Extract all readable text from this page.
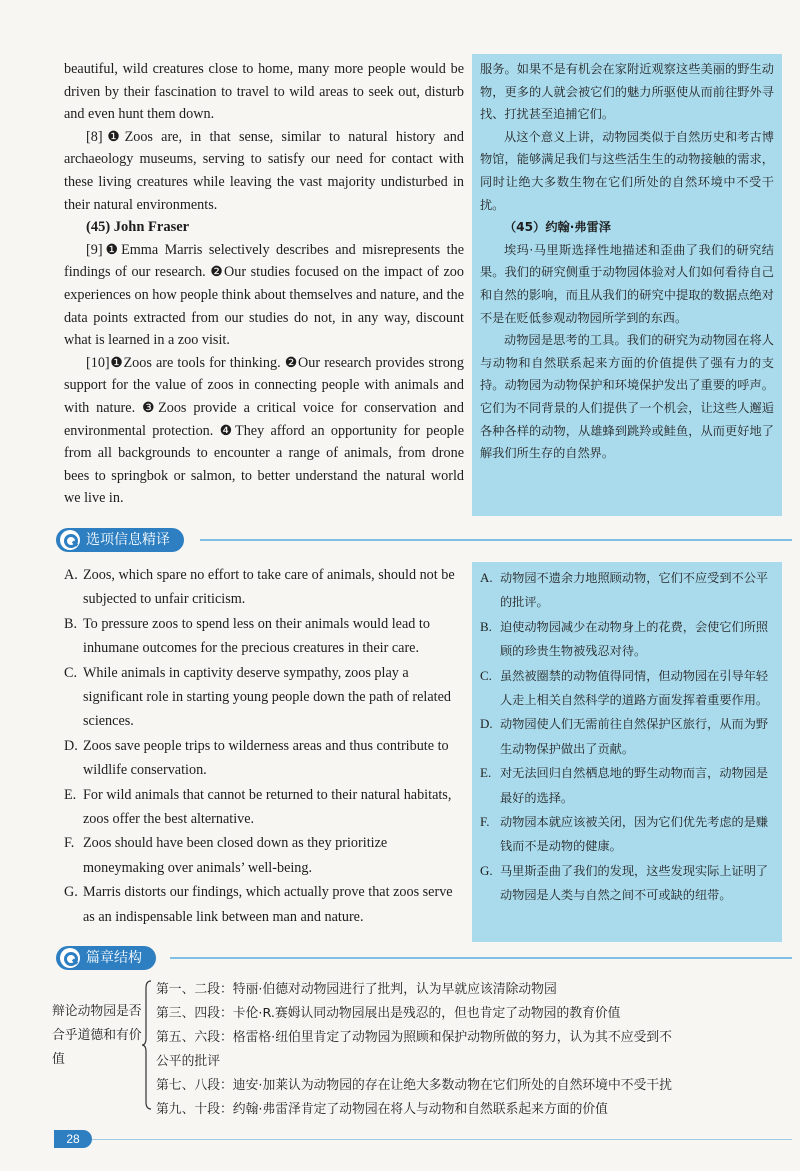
beautiful, wild creatures close to home, many more people would be driven by their fascination to travel to wild areas to seek out, disturb and even hunt them down.

[8]❶Zoos are, in that sense, similar to natural history and archaeology museums, serving to satisfy our need for contact with these living creatures while leaving the vast majority undisturbed in their natural environments.

(45) John Fraser

[9]❶Emma Marris selectively describes and misrepresents the findings of our research. ❷Our studies focused on the impact of zoo experiences on how people think about themselves and nature, and the data points extracted from our studies do not, in any way, discount what is learned in a zoo visit.

[10]❶Zoos are tools for thinking. ❷Our research provides strong support for the value of zoos in connecting people with animals and with nature. ❸Zoos provide a critical voice for conservation and environmental protection. ❹They afford an opportunity for people from all backgrounds to encounter a range of animals, from drone bees to springbok or salmon, to better understand the natural world we live in.

服务。如果不是有机会在家附近观察这些美丽的野生动物，更多的人就会被它们的魅力所驱使从而前往野外寻找、打扰甚至追捕它们。

从这个意义上讲，动物园类似于自然历史和考古博物馆，能够满足我们与这些活生生的动物接触的需求，同时让绝大多数生物在它们所处的自然环境中不受干扰。

（45）约翰·弗雷泽

埃玛·马里斯选择性地描述和歪曲了我们的研究结果。我们的研究侧重于动物园体验对人们如何看待自己和自然的影响，而且从我们的研究中提取的数据点绝对不是在贬低参观动物园所学到的东西。

动物园是思考的工具。我们的研究为动物园在将人与动物和自然联系起来方面的价值提供了强有力的支持。动物园为动物保护和环境保护发出了重要的呼声。它们为不同背景的人们提供了一个机会，让这些人邂逅各种各样的动物，从雄蜂到跳羚或鲑鱼，从而更好地了解我们所生存的自然界。

选项信息精译
A. Zoos, which spare no effort to take care of animals, should not be subjected to unfair criticism.
B. To pressure zoos to spend less on their animals would lead to inhumane outcomes for the precious creatures in their care.
C. While animals in captivity deserve sympathy, zoos play a significant role in starting young people down the path of related sciences.
D. Zoos save people trips to wilderness areas and thus contribute to wildlife conservation.
E. For wild animals that cannot be returned to their natural habitats, zoos offer the best alternative.
F. Zoos should have been closed down as they prioritize moneymaking over animals’ well-being.
G. Marris distorts our findings, which actually prove that zoos serve as an indispensable link between man and nature.
A. 动物园不遗余力地照顾动物，它们不应受到不公平的批评。
B. 迫使动物园减少在动物身上的花费，会使它们所照顾的珍贵生物被残忍对待。
C. 虽然被圈禁的动物值得同情，但动物园在引导年轻人走上相关自然科学的道路方面发挥着重要作用。
D. 动物园使人们无需前往自然保护区旅行，从而为野生动物保护做出了贡献。
E. 对无法回归自然栖息地的野生动物而言，动物园是最好的选择。
F. 动物园本就应该被关闭，因为它们优先考虑的是赚钱而不是动物的健康。
G. 马里斯歪曲了我们的发现，这些发现实际上证明了动物园是人类与自然之间不可或缺的纽带。
篇章结构
辩论动物园是否合乎道德和有价值
第一、二段：特丽·伯德对动物园进行了批判，认为早就应该清除动物园
第三、四段：卡伦·R.赛姆认同动物园展出是残忍的，但也肯定了动物园的教育价值
第五、六段：格雷格·纽伯里肯定了动物园为照顾和保护动物所做的努力，认为其不应受到不
公平的批评
第七、八段：迪安·加莱认为动物园的存在让绝大多数动物在它们所处的自然环境中不受干扰
第九、十段：约翰·弗雷泽肯定了动物园在将人与动物和自然联系起来方面的价值
28
